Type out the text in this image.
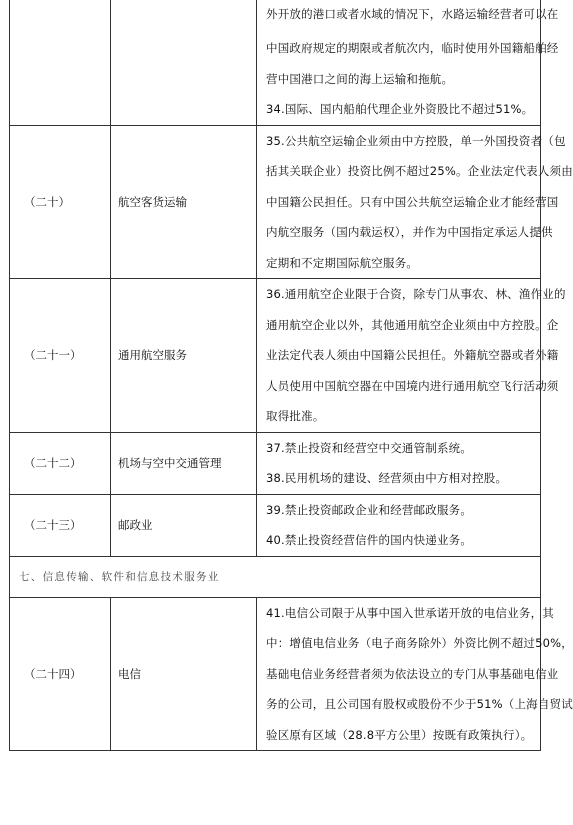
		外开放的港口或者水域的情况下，水路运输经营者可以在
中国政府规定的期限或者航次内，临时使用外国籍船舶经
营中国港口之间的海上运输和拖航。
34.国际、国内船舶代理企业外资股比不超过51%。

（二十）	航空客货运输	35.公共航空运输企业须由中方控股，单一外国投资者（包
括其关联企业）投资比例不超过25%。企业法定代表人须由
中国籍公民担任。只有中国公共航空运输企业才能经营国
内航空服务（国内载运权），并作为中国指定承运人提供
定期和不定期国际航空服务。

（二十一）	通用航空服务	36.通用航空企业限于合资，除专门从事农、林、渔作业的
通用航空企业以外，其他通用航空企业须由中方控股。企
业法定代表人须由中国籍公民担任。外籍航空器或者外籍
人员使用中国航空器在中国境内进行通用航空飞行活动须
取得批准。

（二十二）	机场与空中交通管理	37.禁止投资和经营空中交通管制系统。
38.民用机场的建设、经营须由中方相对控股。

（二十三）	邮政业	39.禁止投资邮政企业和经营邮政服务。
40.禁止投资经营信件的国内快递业务。

七、信息传输、软件和信息技术服务业		
（二十四）	电信	41.电信公司限于从事中国入世承诺开放的电信业务，其
中：增值电信业务（电子商务除外）外资比例不超过50%，
基础电信业务经营者须为依法设立的专门从事基础电信业
务的公司，且公司国有股权或股份不少于51%（上海自贸试
验区原有区域（28.8平方公里）按既有政策执行）。
